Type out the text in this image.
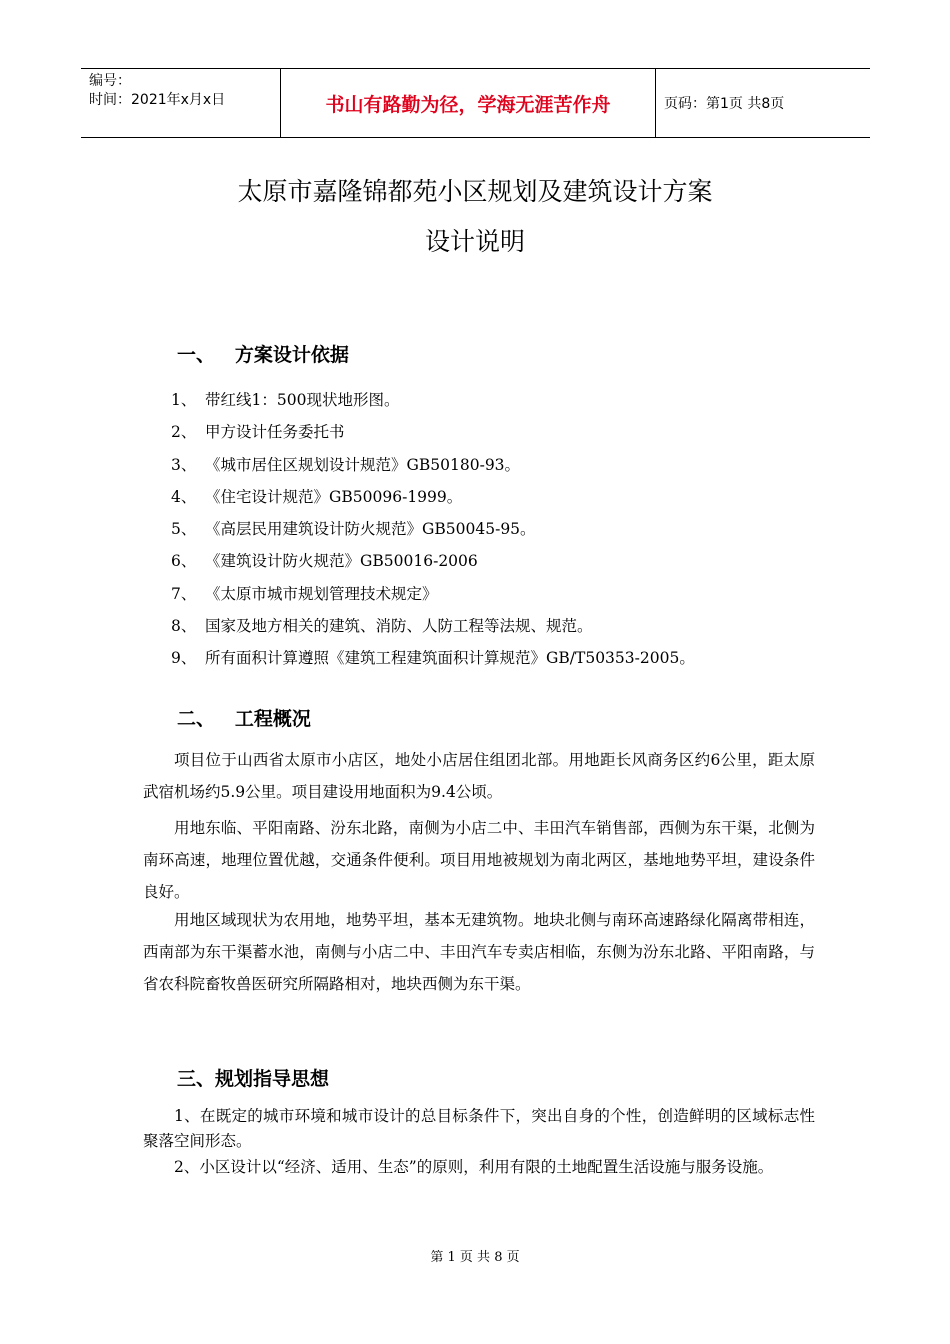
编号：
时间：2021年x月x日	书山有路勤为径，学海无涯苦作舟	页码：第1页 共8页
太原市嘉隆锦都苑小区规划及建筑设计方案
设计说明
一、   方案设计依据
1、 带红线1：500现状地形图。
2、 甲方设计任务委托书
3、 《城市居住区规划设计规范》GB50180-93。
4、 《住宅设计规范》GB50096-1999。
5、 《高层民用建筑设计防火规范》GB50045-95。
6、 《建筑设计防火规范》GB50016-2006
7、 《太原市城市规划管理技术规定》
8、 国家及地方相关的建筑、消防、人防工程等法规、规范。
9、 所有面积计算遵照《建筑工程建筑面积计算规范》GB/T50353-2005。
二、   工程概况

项目位于山西省太原市小店区，地处小店居住组团北部。用地距长风商务区约6公里，距太原武宿机场约5.9公里。项目建设用地面积为9.4公顷。

用地东临、平阳南路、汾东北路，南侧为小店二中、丰田汽车销售部，西侧为东干渠，北侧为南环高速，地理位置优越，交通条件便利。项目用地被规划为南北两区，基地地势平坦，建设条件良好。

用地区域现状为农用地，地势平坦，基本无建筑物。地块北侧与南环高速路绿化隔离带相连，西南部为东干渠蓄水池，南侧与小店二中、丰田汽车专卖店相临，东侧为汾东北路、平阳南路，与省农科院畜牧兽医研究所隔路相对，地块西侧为东干渠。

三、规划指导思想

1、在既定的城市环境和城市设计的总目标条件下，突出自身的个性，创造鲜明的区域标志性聚落空间形态。

2、小区设计以“经济、适用、生态”的原则，利用有限的土地配置生活设施与服务设施。

第 1 页 共 8 页
